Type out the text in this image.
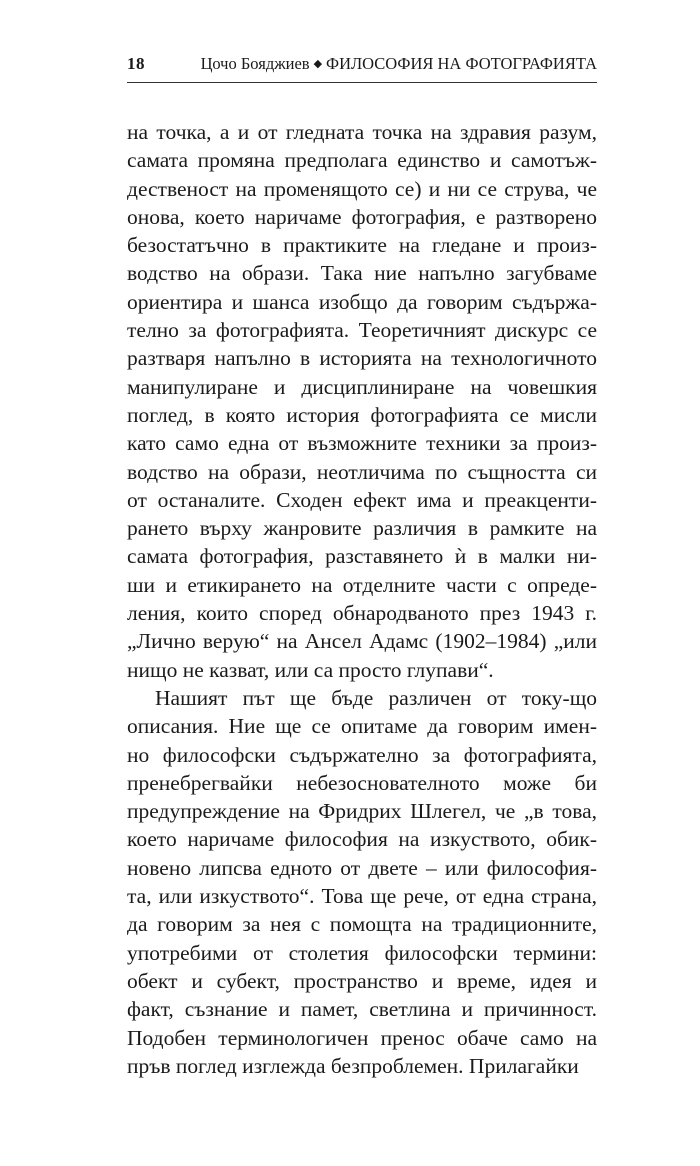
18	Цочо Бояджиев ◆ ФИЛОСОФИЯ НА ФОТОГРАФИЯТА
на точка, а и от гледната точка на здравия разум,
самата промяна предполага единство и самотъж-
дественост на променящото се) и ни се струва, че
онова, което наричаме фотография, е разтворено
безостатъчно в практиките на гледане и произ-
водство на образи. Така ние напълно загубваме
ориентира и шанса изобщо да говорим съдържа-
телно за фотографията. Теоретичният дискурс се
разтваря напълно в историята на технологичното
манипулиране и дисциплиниране на човешкия
поглед, в която история фотографията се мисли
като само една от възможните техники за произ-
водство на образи, неотличима по същността си
от останалите. Сходен ефект има и преакценти-
рането върху жанровите различия в рамките на
самата фотография, разставянето ѝ в малки ни-
ши и етикирането на отделните части с опреде-
ления, които според обнародваното през 1943 г.
„Лично верую“ на Ансел Адамс (1902–1984) „или
нищо не казват, или са просто глупави“.
Нашият път ще бъде различен от току-що
описания. Ние ще се опитаме да говорим имен-
но философски съдържателно за фотографията,
пренебрегвайки небезоснователното може би
предупреждение на Фридрих Шлегел, че „в това,
което наричаме философия на изкуството, обик-
новено липсва едното от двете – или философия-
та, или изкуството“. Това ще рече, от една страна,
да говорим за нея с помощта на традиционните,
употребими от столетия философски термини:
обект и субект, пространство и време, идея и
факт, съзнание и памет, светлина и причинност.
Подобен терминологичен пренос обаче само на
пръв поглед изглежда безпроблемен. Прилагайки
